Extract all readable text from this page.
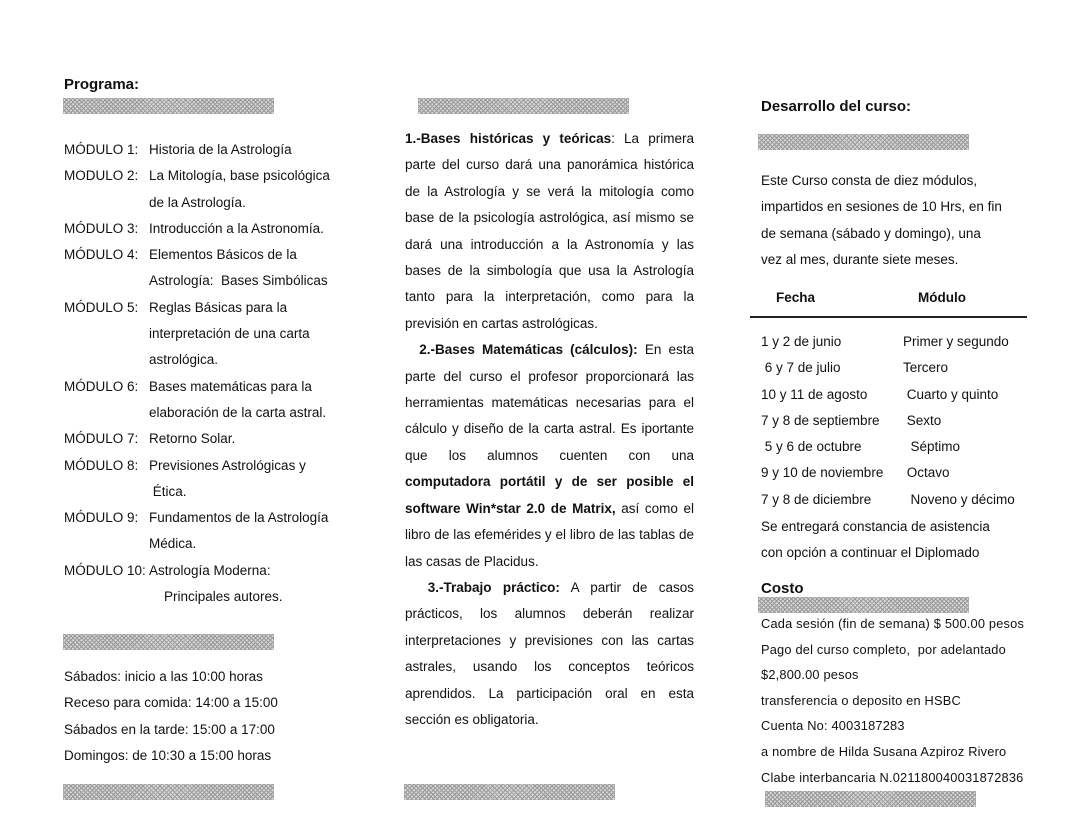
Programa:
MÓDULO 1: Historia de la Astrología
MODULO 2: La Mitología, base psicológica
de la Astrología.
MÓDULO 3: Introducción a la Astronomía.
MÓDULO 4: Elementos Básicos de la
Astrología:  Bases Simbólicas
MÓDULO 5: Reglas Básicas para la
interpretación de una carta
astrológica.
MÓDULO 6: Bases matemáticas para la
elaboración de la carta astral.
MÓDULO 7: Retorno Solar.
MÓDULO 8: Previsiones Astrológicas y
Ética.
MÓDULO 9: Fundamentos de la Astrología
Médica.
MÓDULO 10: Astrología Moderna:
Principales autores.
Sábados: inicio a las 10:00 horas
Receso para comida: 14:00 a 15:00
Sábados en la tarde: 15:00 a 17:00
Domingos: de 10:30 a 15:00 horas

1.-Bases históricas y teóricas: La primera parte del curso dará una panorámica histórica de la Astrología y se verá la mitología como base de la psicología astrológica, así mismo se dará una introducción a la Astronomía y las bases de la simbología que usa la Astrología tanto para la interpretación, como para la previsión en cartas astrológicas.

2.-Bases Matemáticas (cálculos): En esta parte del curso el profesor proporcionará las herramientas matemáticas necesarias para el cálculo y diseño de la carta astral. Es iportante que los alumnos cuenten con una computadora portátil y de ser posible el software Win*star 2.0 de Matrix, así como el libro de las efemérides y el libro de las tablas de las casas de Placidus.

3.-Trabajo práctico: A partir de casos prácticos, los alumnos deberán realizar interpretaciones y previsiones con las cartas astrales, usando los conceptos teóricos aprendidos. La participación oral en esta sección es obligatoria.

Desarrollo del curso:
Este Curso consta de diez módulos,
impartidos en sesiones de 10 Hrs, en fin
de semana (sábado y domingo), una
vez al mes, durante siete meses.
Fecha	Módulo
1 y 2 de junio	Primer y segundo
6 y 7 de julio	Tercero
10 y 11 de agosto	Cuarto y quinto
7 y 8 de septiembre	Sexto
5 y 6 de octubre	Séptimo
9 y 10 de noviembre	Octavo
7 y 8 de diciembre	Noveno y décimo
Se entregará constancia de asistencia
con opción a continuar el Diplomado
Costo
Cada sesión (fin de semana) $ 500.00 pesos
Pago del curso completo,  por adelantado
$2,800.00 pesos
transferencia o deposito en HSBC
Cuenta No: 4003187283
a nombre de Hilda Susana Azpiroz Rivero
Clabe interbancaria N.021180040031872836
